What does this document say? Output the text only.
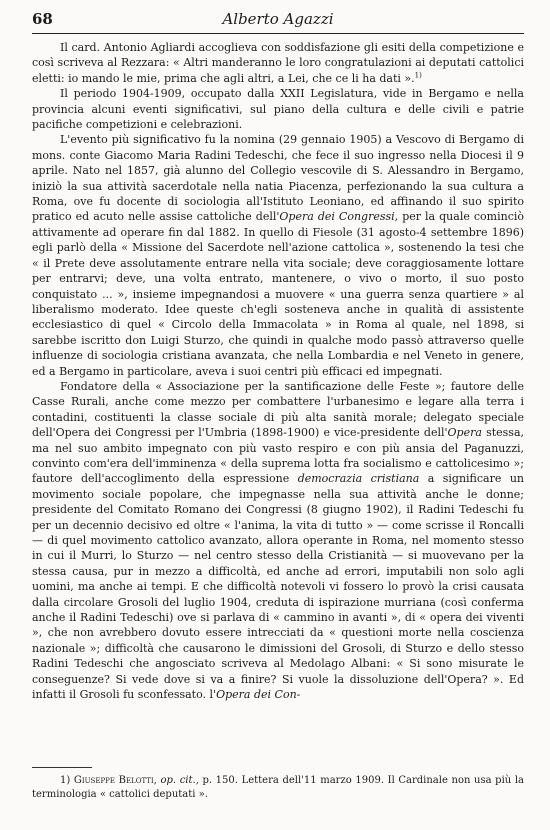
68	Alberto Agazzi

Il card. Antonio Agliardi accoglieva con soddisfazione gli esiti della competizione e così scriveva al Rezzara: « Altri manderanno le loro congratulazioni ai deputati cattolici eletti: io mando le mie, prima che agli altri, a Lei, che ce li ha dati ».$^{1)}$

Il periodo 1904-1909, occupato dalla XXII Legislatura, vide in Bergamo e nella provincia alcuni eventi significativi, sul piano della cultura e delle civili e patrie pacifiche competizioni e celebrazioni.

L'evento più significativo fu la nomina (29 gennaio 1905) a Vescovo di Bergamo di mons. conte Giacomo Maria Radini Tedeschi, che fece il suo ingresso nella Diocesi il 9 aprile. Nato nel 1857, già alunno del Collegio vescovile di S. Alessandro in Bergamo, iniziò la sua attività sacerdotale nella natia Piacenza, perfezionando la sua cultura a Roma, ove fu docente di sociologia all'Istituto Leoniano, ed affinando il suo spirito pratico ed acuto nelle assise cattoliche dell'Opera dei Congressi, per la quale cominciò attivamente ad operare fin dal 1882. In quello di Fiesole (31 agosto-4 settembre 1896) egli parlò della « Missione del Sacerdote nell'azione cattolica », sostenendo la tesi che « il Prete deve assolutamente entrare nella vita sociale; deve coraggiosamente lottare per entrarvi; deve, una volta entrato, mantenere, o vivo o morto, il suo posto conquistato ... », insieme impegnandosi a muovere « una guerra senza quartiere » al liberalismo moderato. Idee queste ch'egli sosteneva anche in qualità di assistente ecclesiastico di quel « Circolo della Immacolata » in Roma al quale, nel 1898, si sarebbe iscritto don Luigi Sturzo, che quindi in qualche modo passò attraverso quelle influenze di sociologia cristiana avanzata, che nella Lombardia e nel Veneto in genere, ed a Bergamo in particolare, aveva i suoi centri più efficaci ed impegnati.

Fondatore della « Associazione per la santificazione delle Feste »; fautore delle Casse Rurali, anche come mezzo per combattere l'urbanesimo e legare alla terra i contadini, costituenti la classe sociale di più alta sanità morale; delegato speciale dell'Opera dei Congressi per l'Umbria (1898-1900) e vice-presidente dell'Opera stessa, ma nel suo ambito impegnato con più vasto respiro e con più ansia del Paganuzzi, convinto com'era dell'imminenza « della suprema lotta fra socialismo e cattolicesimo »; fautore dell'accoglimento della espressione democrazia cristiana a significare un movimento sociale popolare, che impegnasse nella sua attività anche le donne; presidente del Comitato Romano dei Congressi (8 giugno 1902), il Radini Tedeschi fu per un decennio decisivo ed oltre « l'anima, la vita di tutto » — come scrisse il Roncalli — di quel movimento cattolico avanzato, allora operante in Roma, nel momento stesso in cui il Murri, lo Sturzo — nel centro stesso della Cristianità — si muovevano per la stessa causa, pur in mezzo a difficoltà, ed anche ad errori, imputabili non solo agli uomini, ma anche ai tempi. E che difficoltà notevoli vi fossero lo provò la crisi causata dalla circolare Grosoli del luglio 1904, creduta di ispirazione murriana (così conferma anche il Radini Tedeschi) ove si parlava di « cammino in avanti », di « opera dei viventi », che non avrebbero dovuto essere intrecciati da « questioni morte nella coscienza nazionale »; difficoltà che causarono le dimissioni del Grosoli, di Sturzo e dello stesso Radini Tedeschi che angosciato scriveva al Medolago Albani: « Si sono misurate le conseguenze? Si vede dove si va a finire? Si vuole la dissoluzione dell'Opera? ». Ed infatti il Grosoli fu sconfessato. l'Opera dei Con-

1) Giuseppe Belotti, op. cit., p. 150. Lettera dell'11 marzo 1909. Il Cardinale non usa più la terminologia « cattolici deputati ».
